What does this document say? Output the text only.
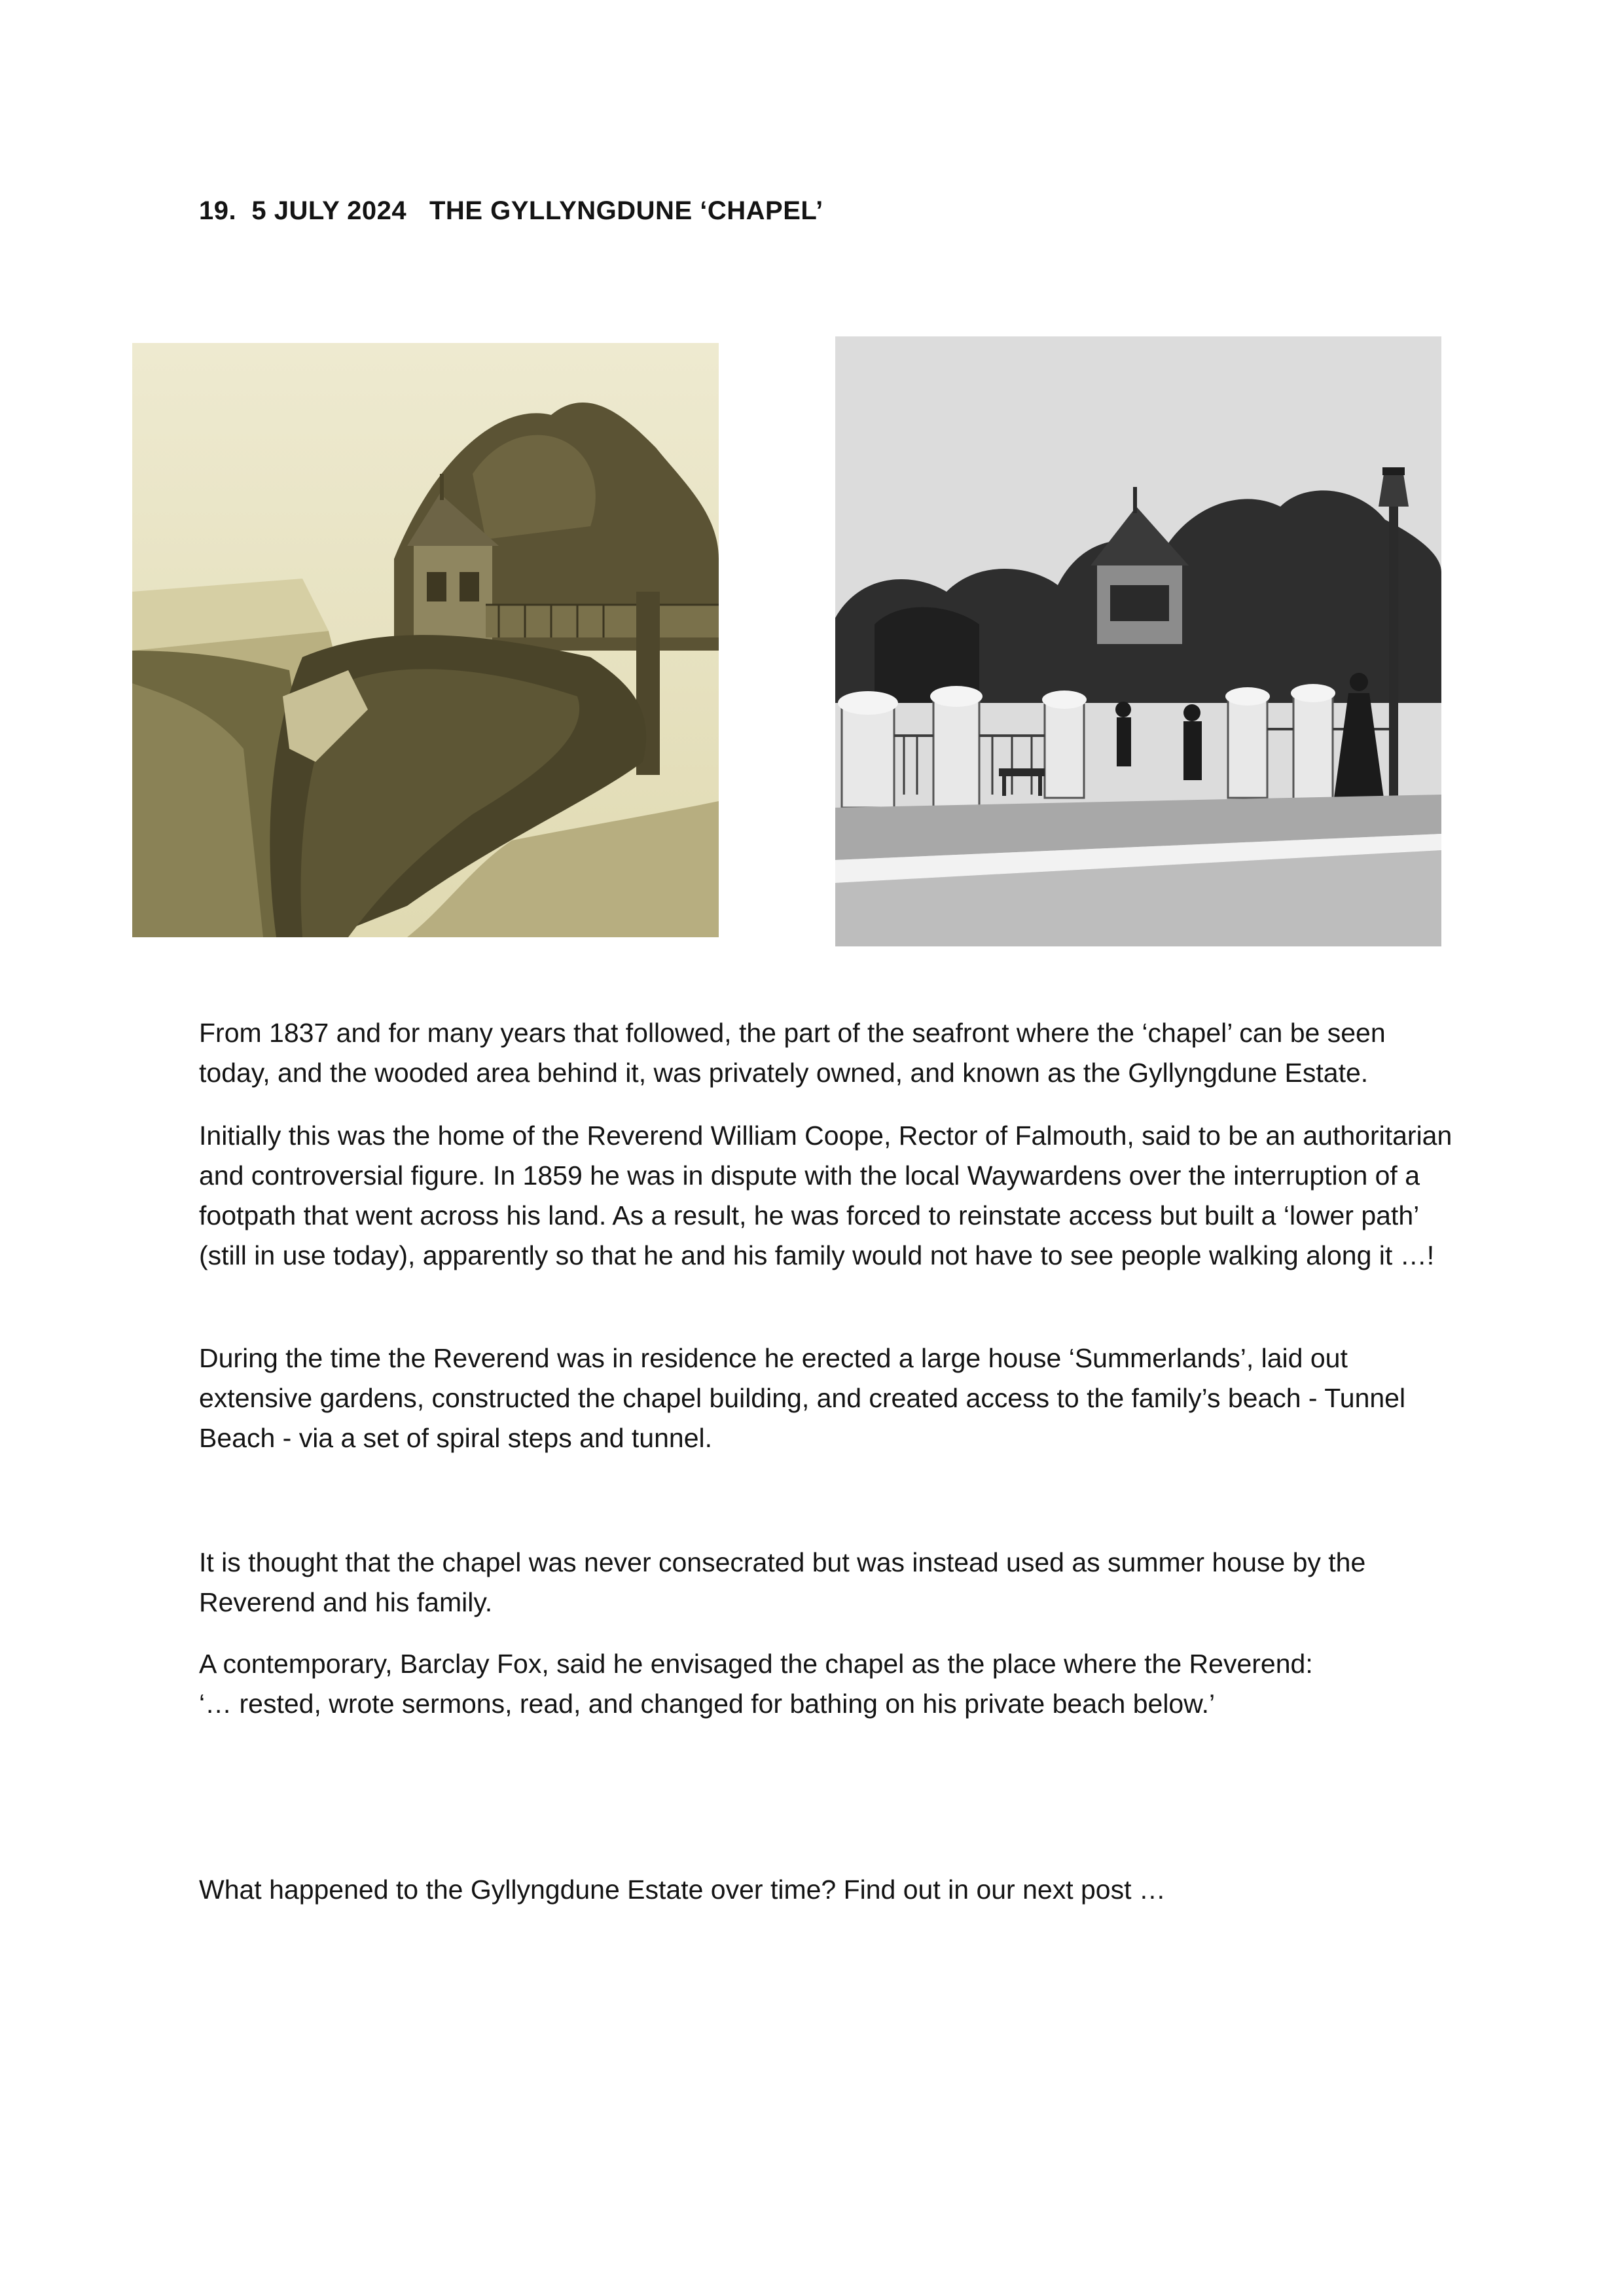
19. 5 JULY 2024 THE GYLLYNGDUNE ‘CHAPEL’

From 1837 and for many years that followed, the part of the seafront where the ‘chapel’ can be seen today, and the wooded area behind it, was privately owned, and known as the Gyllyngdune Estate.

Initially this was the home of the Reverend William Coope, Rector of Falmouth, said to be an authoritarian and controversial figure. In 1859 he was in dispute with the local Waywardens over the interruption of a footpath that went across his land. As a result, he was forced to reinstate access but built a ‘lower path’ (still in use today), apparently so that he and his family would not have to see people walking along it …!

During the time the Reverend was in residence he erected a large house ‘Summerlands’, laid out extensive gardens, constructed the chapel building, and created access to the family’s beach - Tunnel Beach - via a set of spiral steps and tunnel.

It is thought that the chapel was never consecrated but was instead used as summer house by the Reverend and his family.

A contemporary, Barclay Fox, said he envisaged the chapel as the place where the Reverend:

‘… rested, wrote sermons, read, and changed for bathing on his private beach below.’

What happened to the Gyllyngdune Estate over time? Find out in our next post …
